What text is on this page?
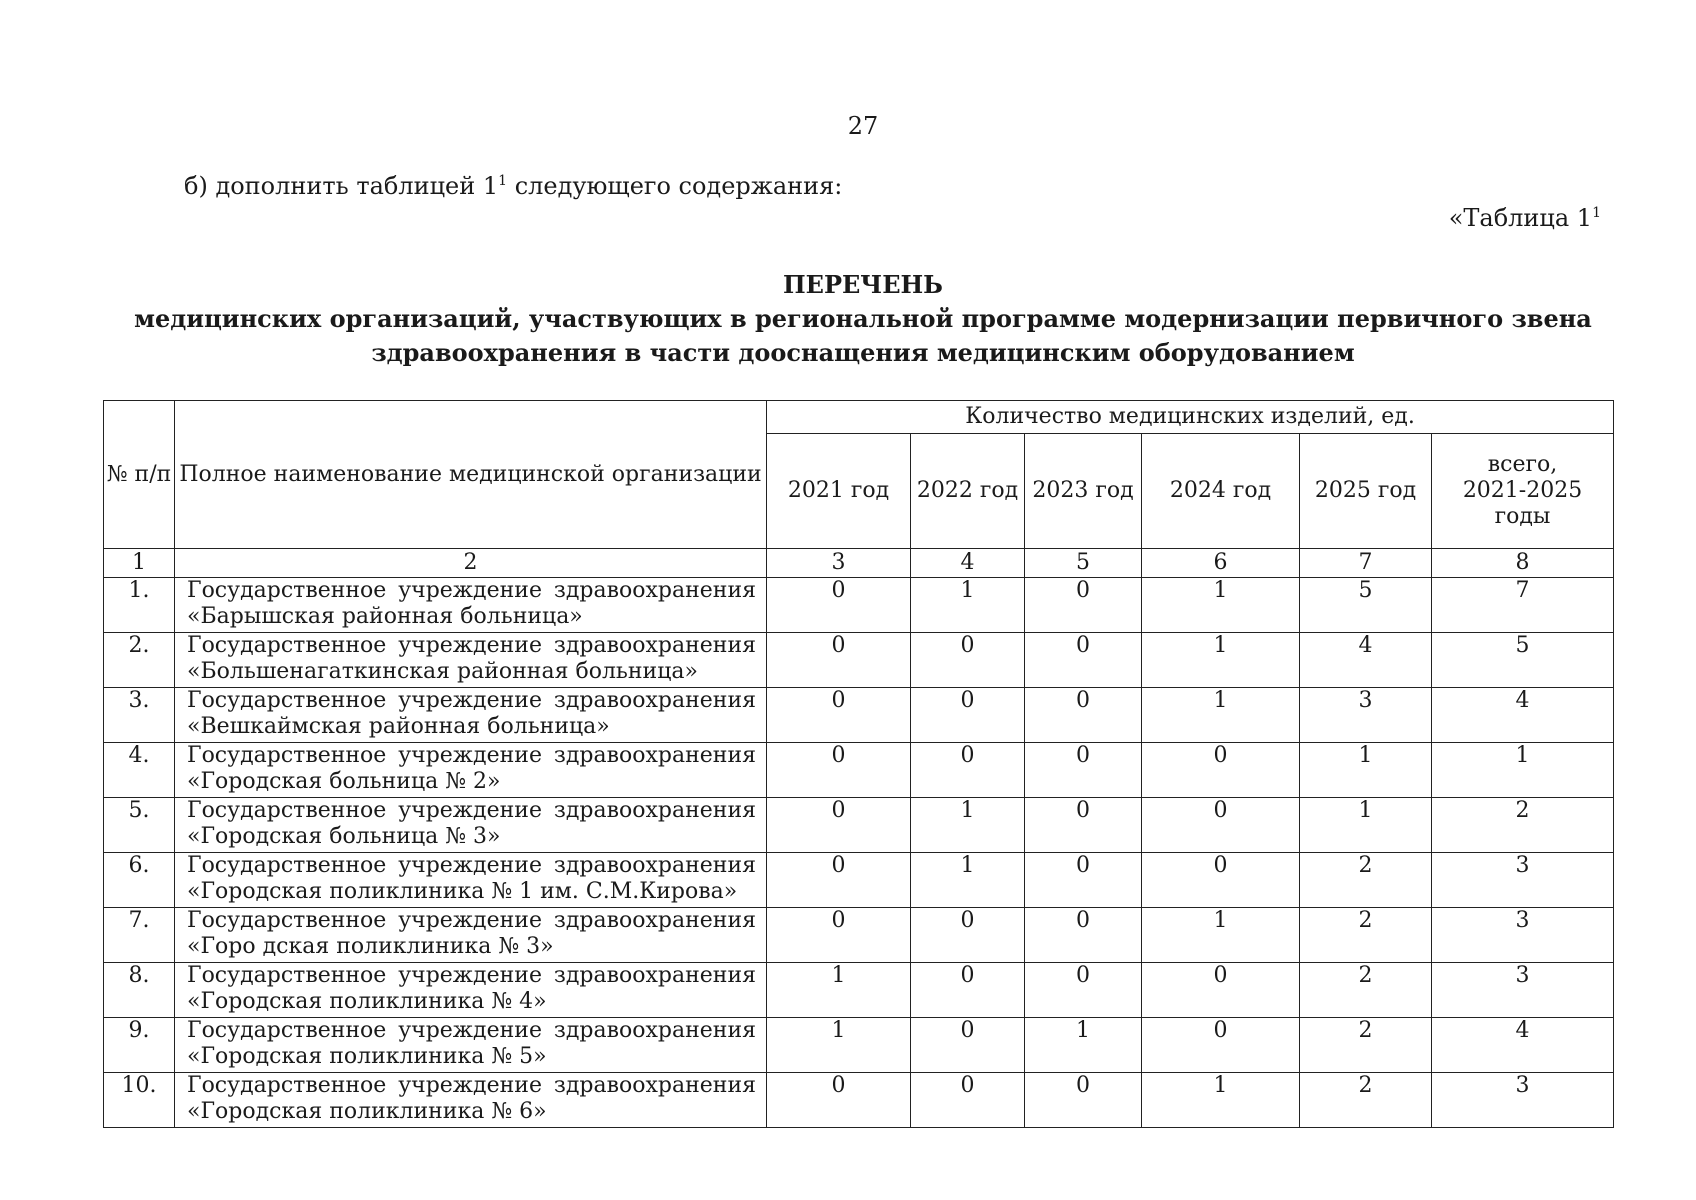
27
б) дополнить таблицей $1^1$ следующего содержания:
«Таблица $1^1$
ПЕРЕЧЕНЬ
медицинских организаций, участвующих в региональной программе модернизации первичного звена
здравоохранения в части дооснащения медицинским оборудованием
№ п/п	Полное наименование медицинской организации	Количество медицинских изделий, ед.					
		2021 год	2022 год	2023 год	2024 год	2025 год	всего, 2021-2025 годы
1	2	3	4	5	6	7	8
1.	Государственное учреждение здравоохранения
«Барышская районная больница»	0	1	0	1	5	7
2.	Государственное учреждение здравоохранения
«Большенагаткинская районная больница»	0	0	0	1	4	5
3.	Государственное учреждение здравоохранения
«Вешкаймская районная больница»	0	0	0	1	3	4
4.	Государственное учреждение здравоохранения
«Городская больница № 2»	0	0	0	0	1	1
5.	Государственное учреждение здравоохранения
«Городская больница № 3»	0	1	0	0	1	2
6.	Государственное учреждение здравоохранения
«Городская поликлиника № 1 им. С.М.Кирова»	0	1	0	0	2	3
7.	Государственное учреждение здравоохранения
«Горо дская поликлиника № 3»	0	0	0	1	2	3
8.	Государственное учреждение здравоохранения
«Городская поликлиника № 4»	1	0	0	0	2	3
9.	Государственное учреждение здравоохранения
«Городская поликлиника № 5»	1	0	1	0	2	4
10.	Государственное учреждение здравоохранения
«Городская поликлиника № 6»	0	0	0	1	2	3
